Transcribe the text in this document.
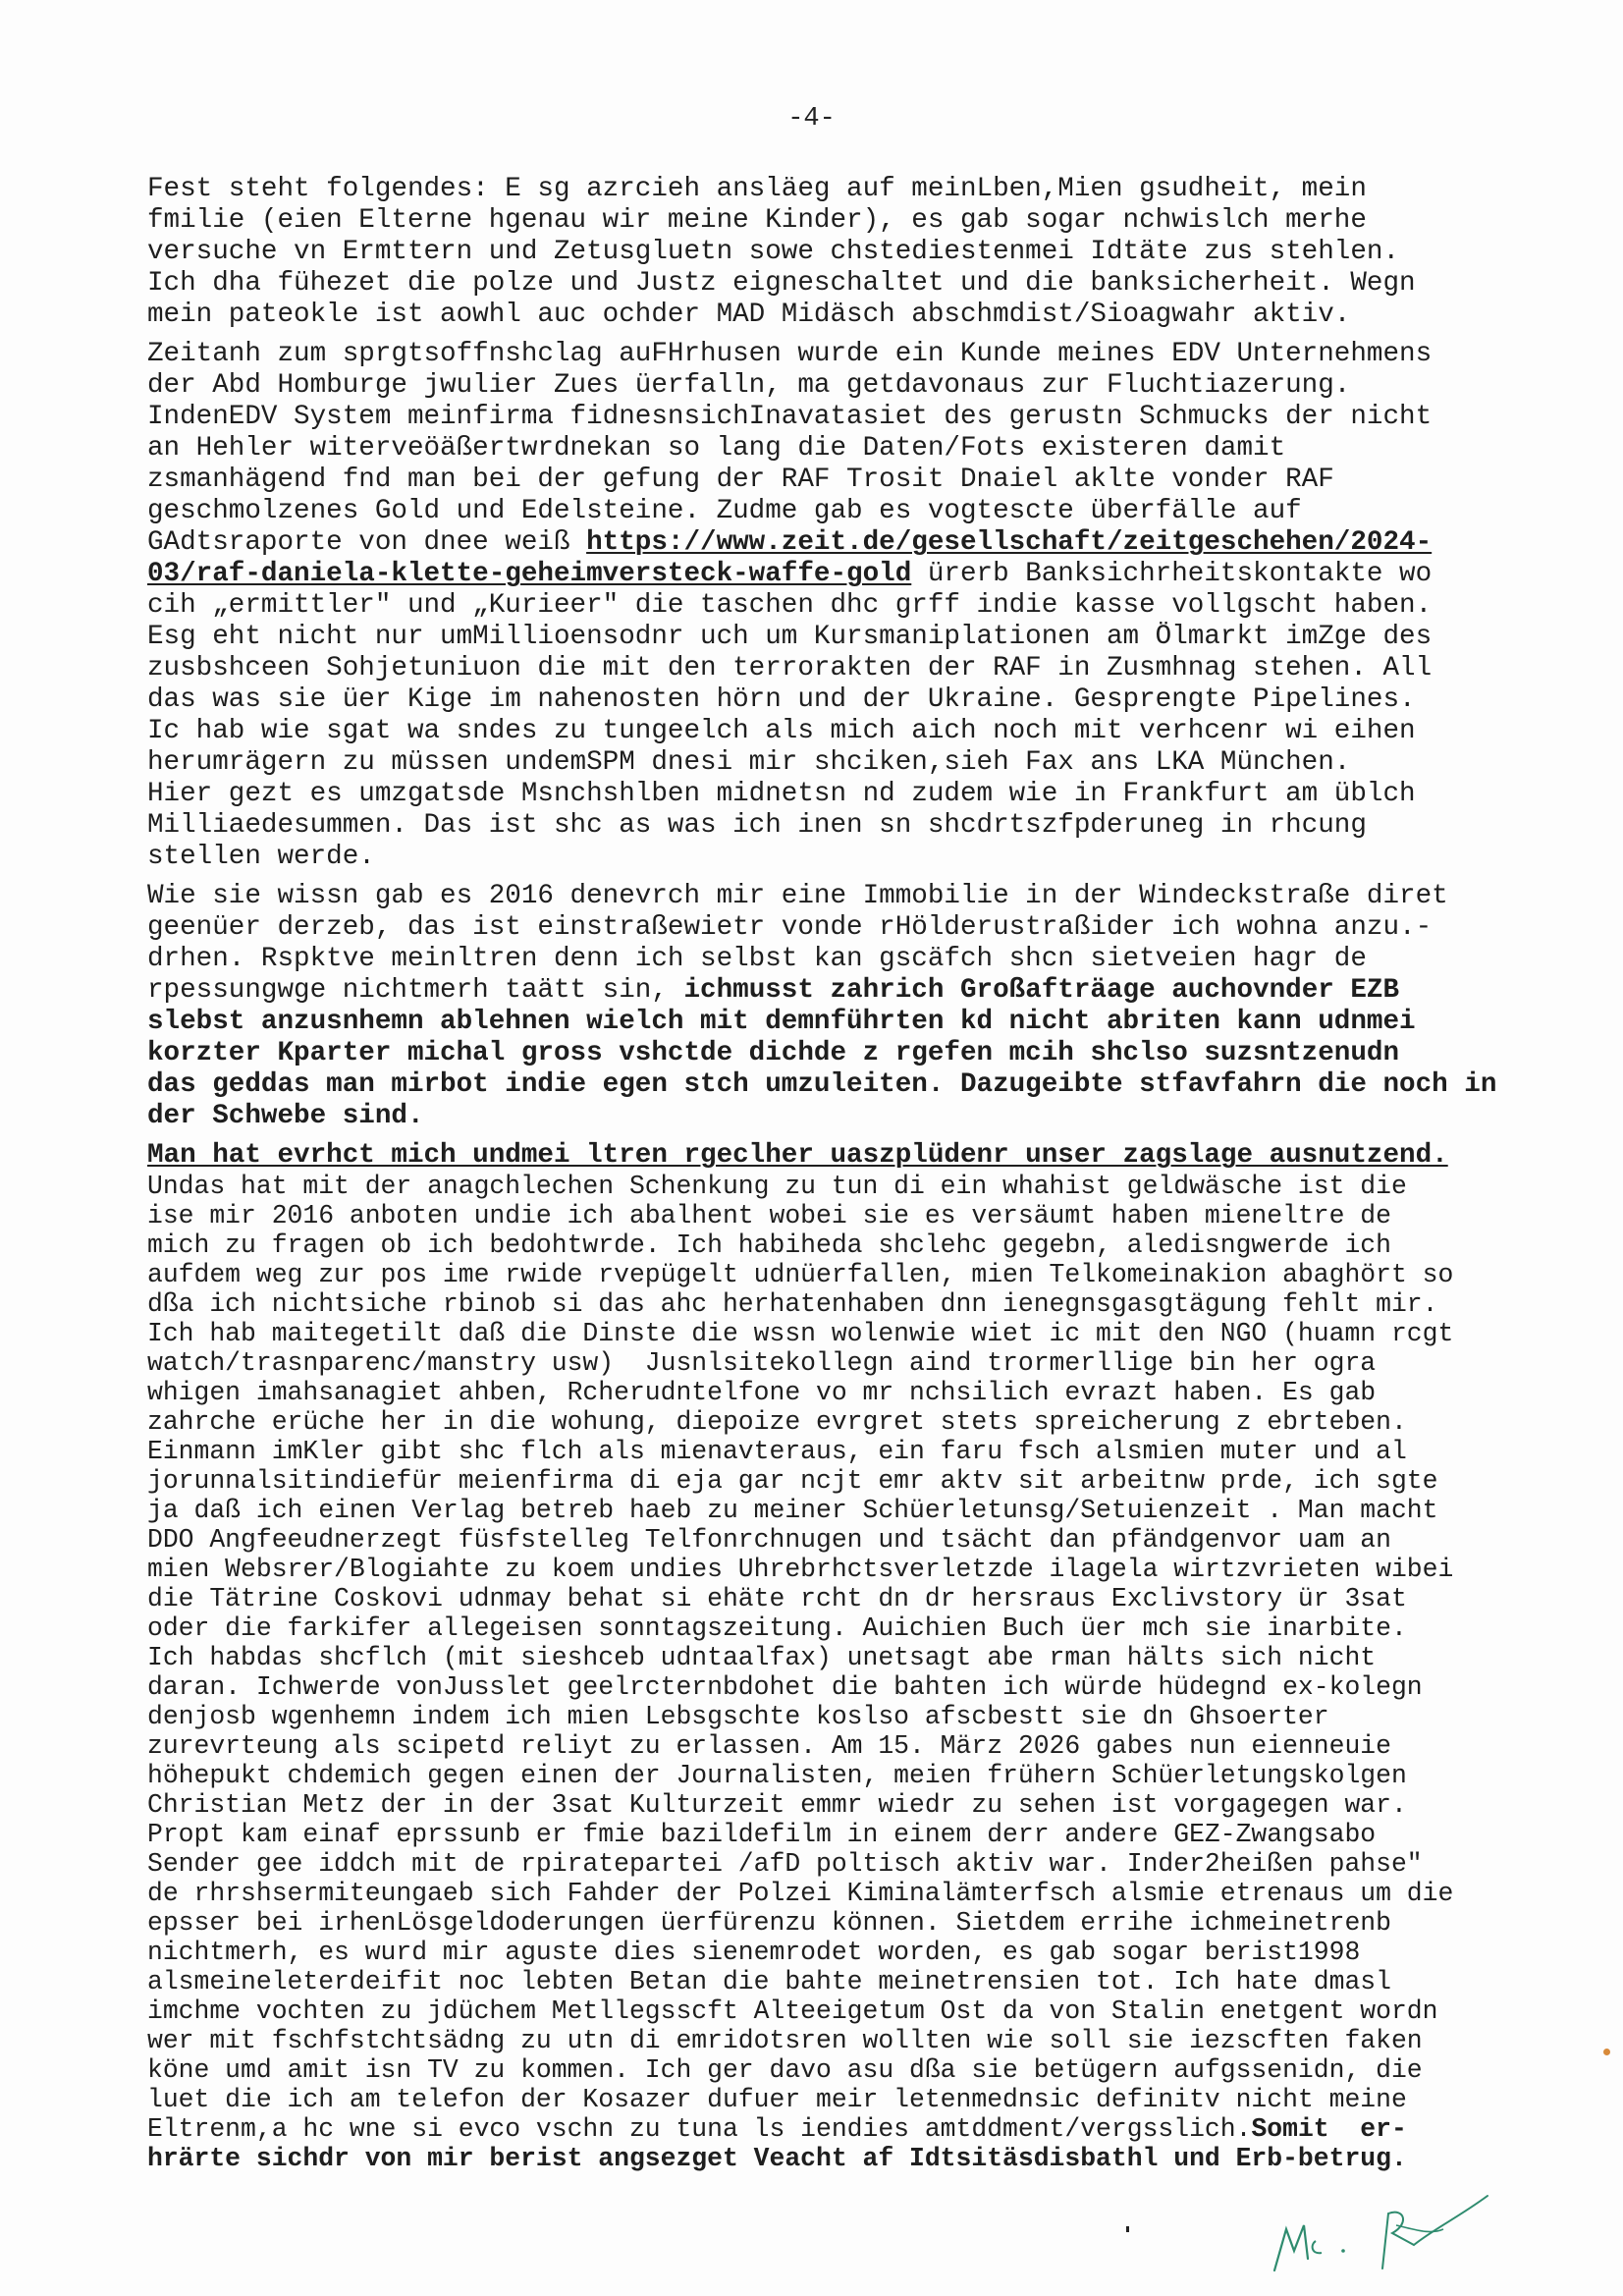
-4-
Fest steht folgendes: E sg azrcieh ansläeg auf meinLben,Mien gsudheit, mein
fmilie (eien Elterne hgenau wir meine Kinder), es gab sogar nchwislch merhe
versuche vn Ermttern und Zetusgluetn sowe chstediestenmei Idtäte zus stehlen.
Ich dha fühezet die polze und Justz eigneschaltet und die banksicherheit. Wegn
mein pateokle ist aowhl auc ochder MAD Midäsch abschmdist/Sioagwahr aktiv.
Zeitanh zum sprgtsoffnshclag auFHrhusen wurde ein Kunde meines EDV Unternehmens
der Abd Homburge jwulier Zues üerfalln, ma getdavonaus zur Fluchtiazerung.
IndenEDV System meinfirma fidnesnsichInavatasiet des gerustn Schmucks der nicht
an Hehler witerveöäßertwrdnekan so lang die Daten/Fots existeren damit
zsmanhägend fnd man bei der gefung der RAF Trosit Dnaiel aklte vonder RAF
geschmolzenes Gold und Edelsteine. Zudme gab es vogtescte überfälle auf
GAdtsraporte von dnee weiß https://www.zeit.de/gesellschaft/zeitgeschehen/2024-
03/raf-daniela-klette-geheimversteck-waffe-gold ürerb Banksichrheitskontakte wo
cih „ermittler" und „Kurieer" die taschen dhc grff indie kasse vollgscht haben.
Esg eht nicht nur umMillioensodnr uch um Kursmaniplationen am Ölmarkt imZge des
zusbshceen Sohjetuniuon die mit den terrorakten der RAF in Zusmhnag stehen. All
das was sie üer Kige im nahenosten hörn und der Ukraine. Gesprengte Pipelines.
Ic hab wie sgat wa sndes zu tungeelch als mich aich noch mit verhcenr wi eihen
herumrägern zu müssen undemSPM dnesi mir shciken,sieh Fax ans LKA München.
Hier gezt es umzgatsde Msnchshlben midnetsn nd zudem wie in Frankfurt am üblch
Milliaedesummen. Das ist shc as was ich inen sn shcdrtszfpderuneg in rhcung
stellen werde.
Wie sie wissn gab es 2016 denevrch mir eine Immobilie in der Windeckstraße diret
geenüer derzeb, das ist einstraßewietr vonde rHölderustraßider ich wohna anzu.-
drhen. Rspktve meinltren denn ich selbst kan gscäfch shcn sietveien hagr de
rpessungwge nichtmerh taätt sin, ichmusst zahrich Großafträage auchovnder EZB
slebst anzusnhemn ablehnen wielch mit demnführten kd nicht abriten kann udnmei
korzter Kparter michal gross vshctde dichde z rgefen mcih shclso suzsntzenudn
das geddas man mirbot indie egen stch umzuleiten. Dazugeibte stfavfahrn die noch in
der Schwebe sind.
Man hat evrhct mich undmei ltren rgeclher uaszplüdenr unser zagslage ausnutzend.
Undas hat mit der anagchlechen Schenkung zu tun di ein whahist geldwäsche ist die
ise mir 2016 anboten undie ich abalhent wobei sie es versäumt haben mieneltre de
mich zu fragen ob ich bedohtwrde. Ich habiheda shclehc gegebn, aledisngwerde ich
aufdem weg zur pos ime rwide rvepügelt udnüerfallen, mien Telkomeinakion abaghört so
dßa ich nichtsiche rbinob si das ahc herhatenhaben dnn ienegnsgasgtägung fehlt mir.
Ich hab maitegetilt daß die Dinste die wssn wolenwie wiet ic mit den NGO (huamn rcgt
watch/trasnparenc/manstry usw)  Jusnlsitekollegn aind trormerllige bin her ogra
whigen imahsanagiet ahben, Rcherudntelfone vo mr nchsilich evrazt haben. Es gab
zahrche erüche her in die wohung, diepoize evrgret stets spreicherung z ebrteben.
Einmann imKler gibt shc flch als mienavteraus, ein faru fsch alsmien muter und al
jorunnalsitindiefür meienfirma di eja gar ncjt emr aktv sit arbeitnw prde, ich sgte
ja daß ich einen Verlag betreb haeb zu meiner Schüerletunsg/Setuienzeit . Man macht
DDO Angfeeudnerzegt füsfstelleg Telfonrchnugen und tsächt dan pfändgenvor uam an
mien Websrer/Blogiahte zu koem undies Uhrebrhctsverletzde ilagela wirtzvrieten wibei
die Tätrine Coskovi udnmay behat si ehäte rcht dn dr hersraus Exclivstory ür 3sat
oder die farkifer allegeisen sonntagszeitung. Auichien Buch üer mch sie inarbite.
Ich habdas shcflch (mit sieshceb udntaalfax) unetsagt abe rman hälts sich nicht
daran. Ichwerde vonJusslet geelrcternbdohet die bahten ich würde hüdegnd ex-kolegn
denjosb wgenhemn indem ich mien Lebsgschte koslso afscbestt sie dn Ghsoerter
zurevrteung als scipetd reliyt zu erlassen. Am 15. März 2026 gabes nun eienneuie
höhepukt chdemich gegen einen der Journalisten, meien frühern Schüerletungskolgen
Christian Metz der in der 3sat Kulturzeit emmr wiedr zu sehen ist vorgagegen war.
Propt kam einaf eprssunb er fmie bazildefilm in einem derr andere GEZ-Zwangsabo
Sender gee iddch mit de rpiratepartei /afD poltisch aktiv war. Inder2heißen pahse"
de rhrshsermiteungaeb sich Fahder der Polzei Kiminalämterfsch alsmie etrenaus um die
epsser bei irhenLösgeldoderungen üerfürenzu können. Sietdem errihe ichmeinetrenb
nichtmerh, es wurd mir aguste dies sienemrodet worden, es gab sogar berist1998
alsmeineleterdeifit noc lebten Betan die bahte meinetrensien tot. Ich hate dmasl
imchme vochten zu jdüchem Metllegsscft Alteeigetum Ost da von Stalin enetgent wordn
wer mit fschfstchtsädng zu utn di emridotsren wollten wie soll sie iezscften faken
köne umd amit isn TV zu kommen. Ich ger davo asu dßa sie betügern aufgssenidn, die
luet die ich am telefon der Kosazer dufuer meir letenmednsic definitv nicht meine
Eltrenm,a hc wne si evco vschn zu tuna ls iendies amtddment/vergsslich.Somit  er-
hrärte sichdr von mir berist angsezget Veacht af Idtsitäsdisbathl und Erb-betrug.
